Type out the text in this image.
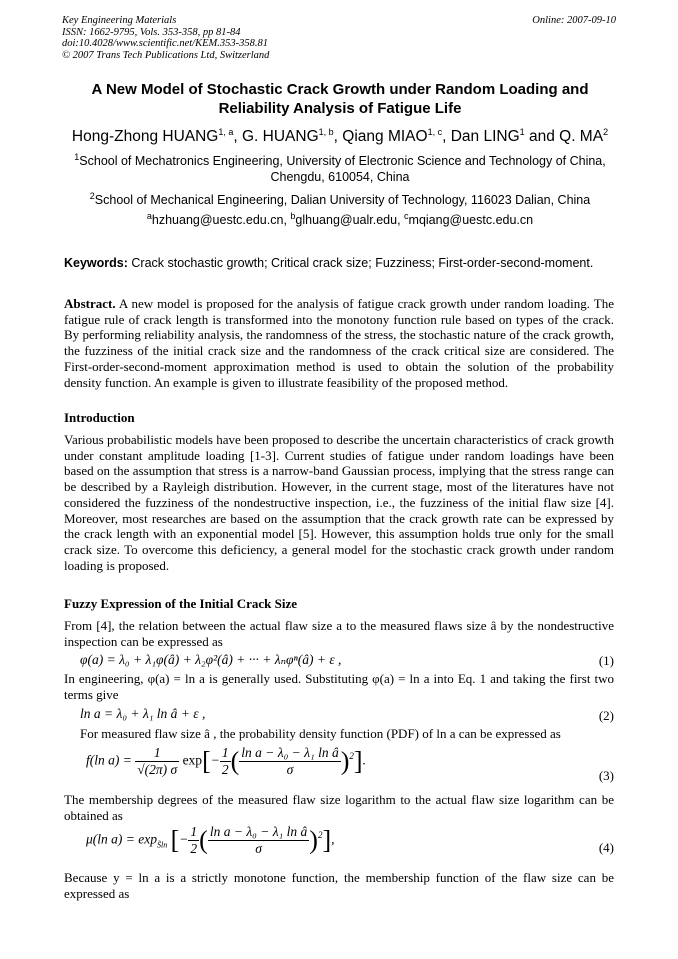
Key Engineering Materials
ISSN: 1662-9795, Vols. 353-358, pp 81-84
doi:10.4028/www.scientific.net/KEM.353-358.81
© 2007 Trans Tech Publications Ltd, Switzerland
Online: 2007-09-10
A New Model of Stochastic Crack Growth under Random Loading and
Reliability Analysis of Fatigue Life
Hong-Zhong HUANG$^{1, a}$, G. HUANG$^{1, b}$, Qiang MIAO$^{1, c}$, Dan LING$^1$ and Q. $MA^2$
$^1$School of Mechatronics Engineering, University of Electronic Science and Technology of China,
Chengdu, 610054, China
$^2$School of Mechanical Engineering, Dalian University of Technology, 116023 Dalian, China
$^a$hzhuang@uestc.edu.cn, $^b$glhuang@ualr.edu, $^c$mqiang@uestc.edu.cn
Keywords: Crack stochastic growth; Critical crack size; Fuzziness; First-order-second-moment.
Abstract. A new model is proposed for the analysis of fatigue crack growth under random loading. The fatigue rule of crack length is transformed into the monotony function rule based on types of the crack. By performing reliability analysis, the randomness of the stress, the stochastic nature of the crack growth, the fuzziness of the initial crack size and the randomness of the crack critical size are considered. The First-order-second-moment approximation method is used to obtain the solution of the probability density function. An example is given to illustrate feasibility of the proposed method.
Introduction
Various probabilistic models have been proposed to describe the uncertain characteristics of crack growth under constant amplitude loading [1-3]. Current studies of fatigue under random loadings have been based on the assumption that stress is a narrow-band Gaussian process, implying that the stress range can be described by a Rayleigh distribution. However, in the current stage, most of the literatures have not considered the fuzziness of the nondestructive inspection, i.e., the fuzziness of the initial flaw size [4]. Moreover, most researches are based on the assumption that the crack growth rate can be expressed by the crack length with an exponential model [5]. However, this assumption holds true only for the small crack size. To overcome this deficiency, a general model for the stochastic crack growth under random loading is proposed.
Fuzzy Expression of the Initial Crack Size
From [4], the relation between the actual flaw size a to the measured flaws size â by the nondestructive inspection can be expressed as
φ(a) = λ₀ + λ₁φ(â) + λ₂φ²(â) + ··· + λₙφⁿ(â) + ε ,	(1)
In engineering, φ(a) = ln a is generally used. Substituting φ(a) = ln a into Eq. 1 and taking the first two terms give
ln a = λ₀ + λ₁ ln â + ε ,	(2)
For measured flaw size â , the probability density function (PDF) of ln a can be expressed as
f(ln $a) = \frac{1}{√(2\pi) \sigma} \exp[- \frac{1}{2}$ ( $\frac{\text{ln a − λ₀ − λ₁ ln â}}{\sigma} )^2$].
(3)
The membership degrees of the measured flaw size logarithm to the actual flaw size logarithm can be obtained as
μ(ln $a) = \exp_{S̃ln}$ [− $\frac{1}{2}$ ( $\frac{\text{ln a − λ₀ − λ₁ ln â}}{\sigma} )^2$],
(4)
Because y = ln a is a strictly monotone function, the membership function of the flaw size can be expressed as
